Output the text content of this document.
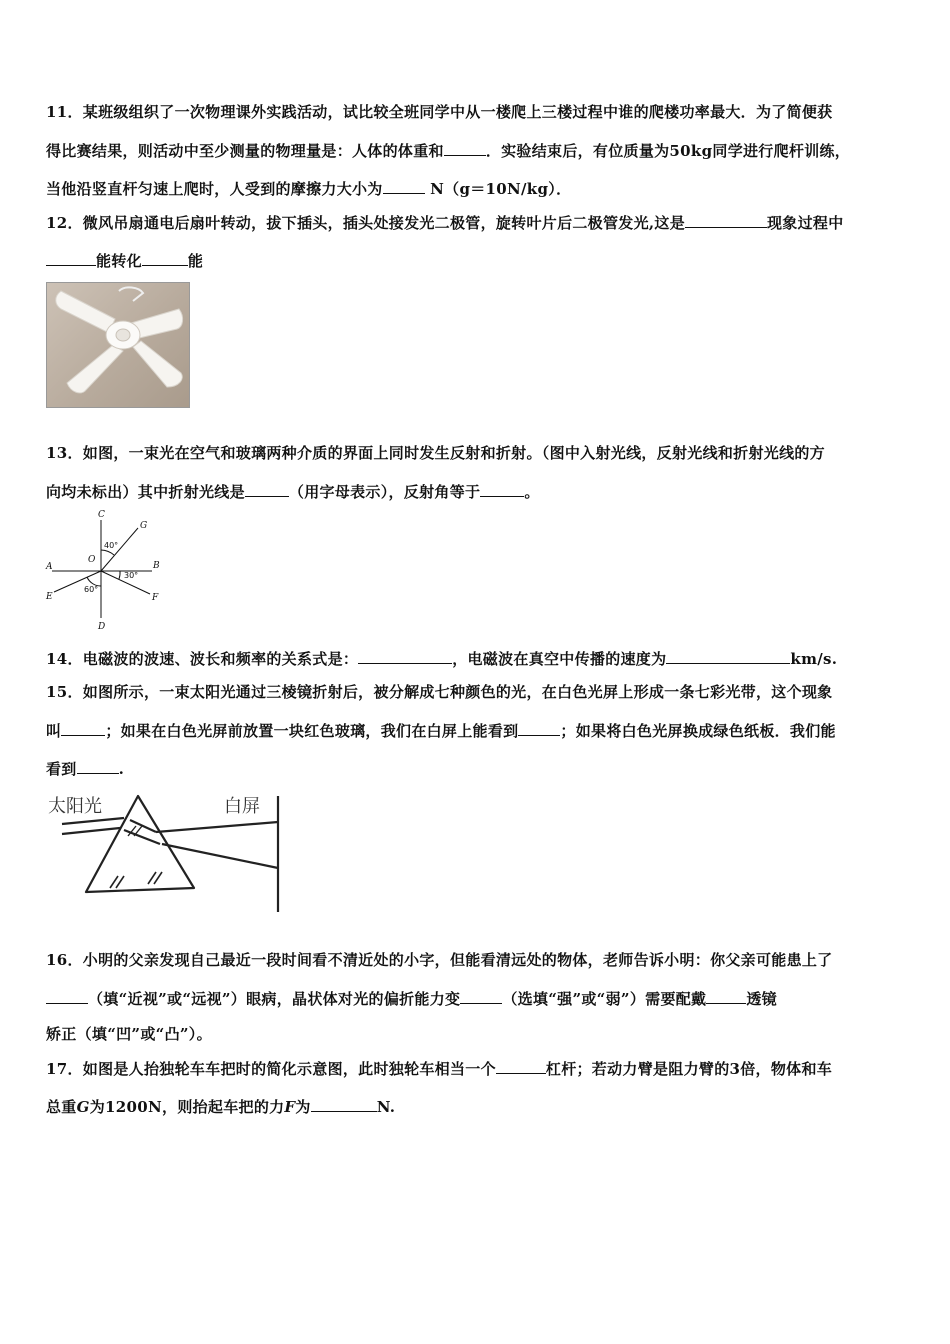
11．某班级组织了一次物理课外实践活动，试比较全班同学中从一楼爬上三楼过程中谁的爬楼功率最大．为了简便获
得比赛结果，则活动中至少测量的物理量是：人体的体重和	．实验结束后，有位质量为50kg同学进行爬杆训练，
当他沿竖直杆匀速上爬时，人受到的摩擦力大小为	N（g＝10N/kg）．
12．微风吊扇通电后扇叶转动，拔下插头，插头处接发光二极管，旋转叶片后二极管发光,这是	现象过程中
能转化	能
13．如图，一束光在空气和玻璃两种介质的界面上同时发生反射和折射。（图中入射光线，反射光线和折射光线的方
向均未标出）其中折射光线是	（用字母表示），反射角等于	。
C
G
O
A	B
E	F
D
40°
30°
60°
14．电磁波的波速、波长和频率的关系式是：	，电磁波在真空中传播的速度为	km/s.
15．如图所示，一束太阳光通过三棱镜折射后，被分解成七种颜色的光，在白色光屏上形成一条七彩光带，这个现象
叫	；如果在白色光屏前放置一块红色玻璃，我们在白屏上能看到	；如果将白色光屏换成绿色纸板．我们能
看到	.
太阳光	白屏
16．小明的父亲发现自己最近一段时间看不清近处的小字，但能看清远处的物体，老师告诉小明：你父亲可能患上了
（填“近视”或“远视”）眼病，晶状体对光的偏折能力变	（选填“强”或“弱”）需要配戴	透镜
矫正（填“凹”或“凸”）。
17．如图是人抬独轮车车把时的简化示意图，此时独轮车相当一个	杠杆；若动力臂是阻力臂的3倍，物体和车
总重G为1200N，则抬起车把的力F为	N.
